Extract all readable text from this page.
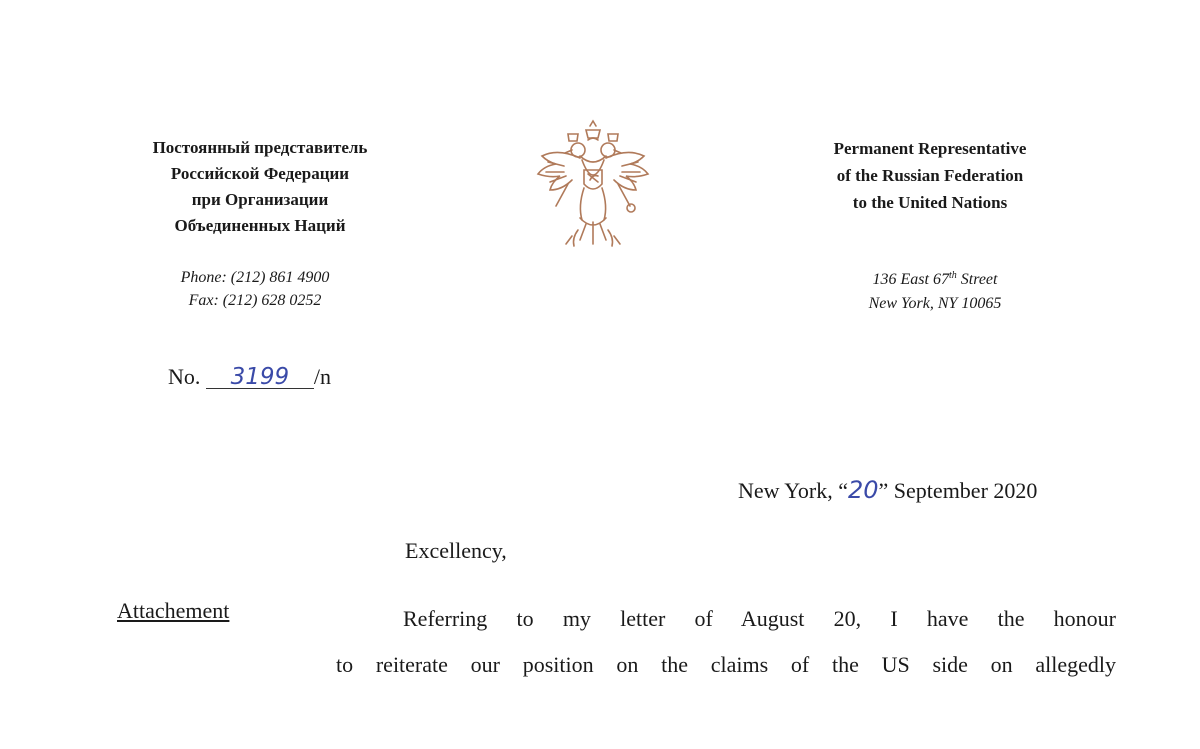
Постоянный представитель
Российской Федерации
при Организации
Объединенных Наций
Permanent Representative
of the Russian Federation
to the United Nations
Phone: (212) 861 4900
Fax: (212) 628 0252
136 East 67th Street
New York, NY 10065
No. 3199 /n
New York, “20” September 2020
Excellency,
Attachement	Referring to my letter of August 20, I have the honour

to reiterate our position on the claims of the US side on allegedly
